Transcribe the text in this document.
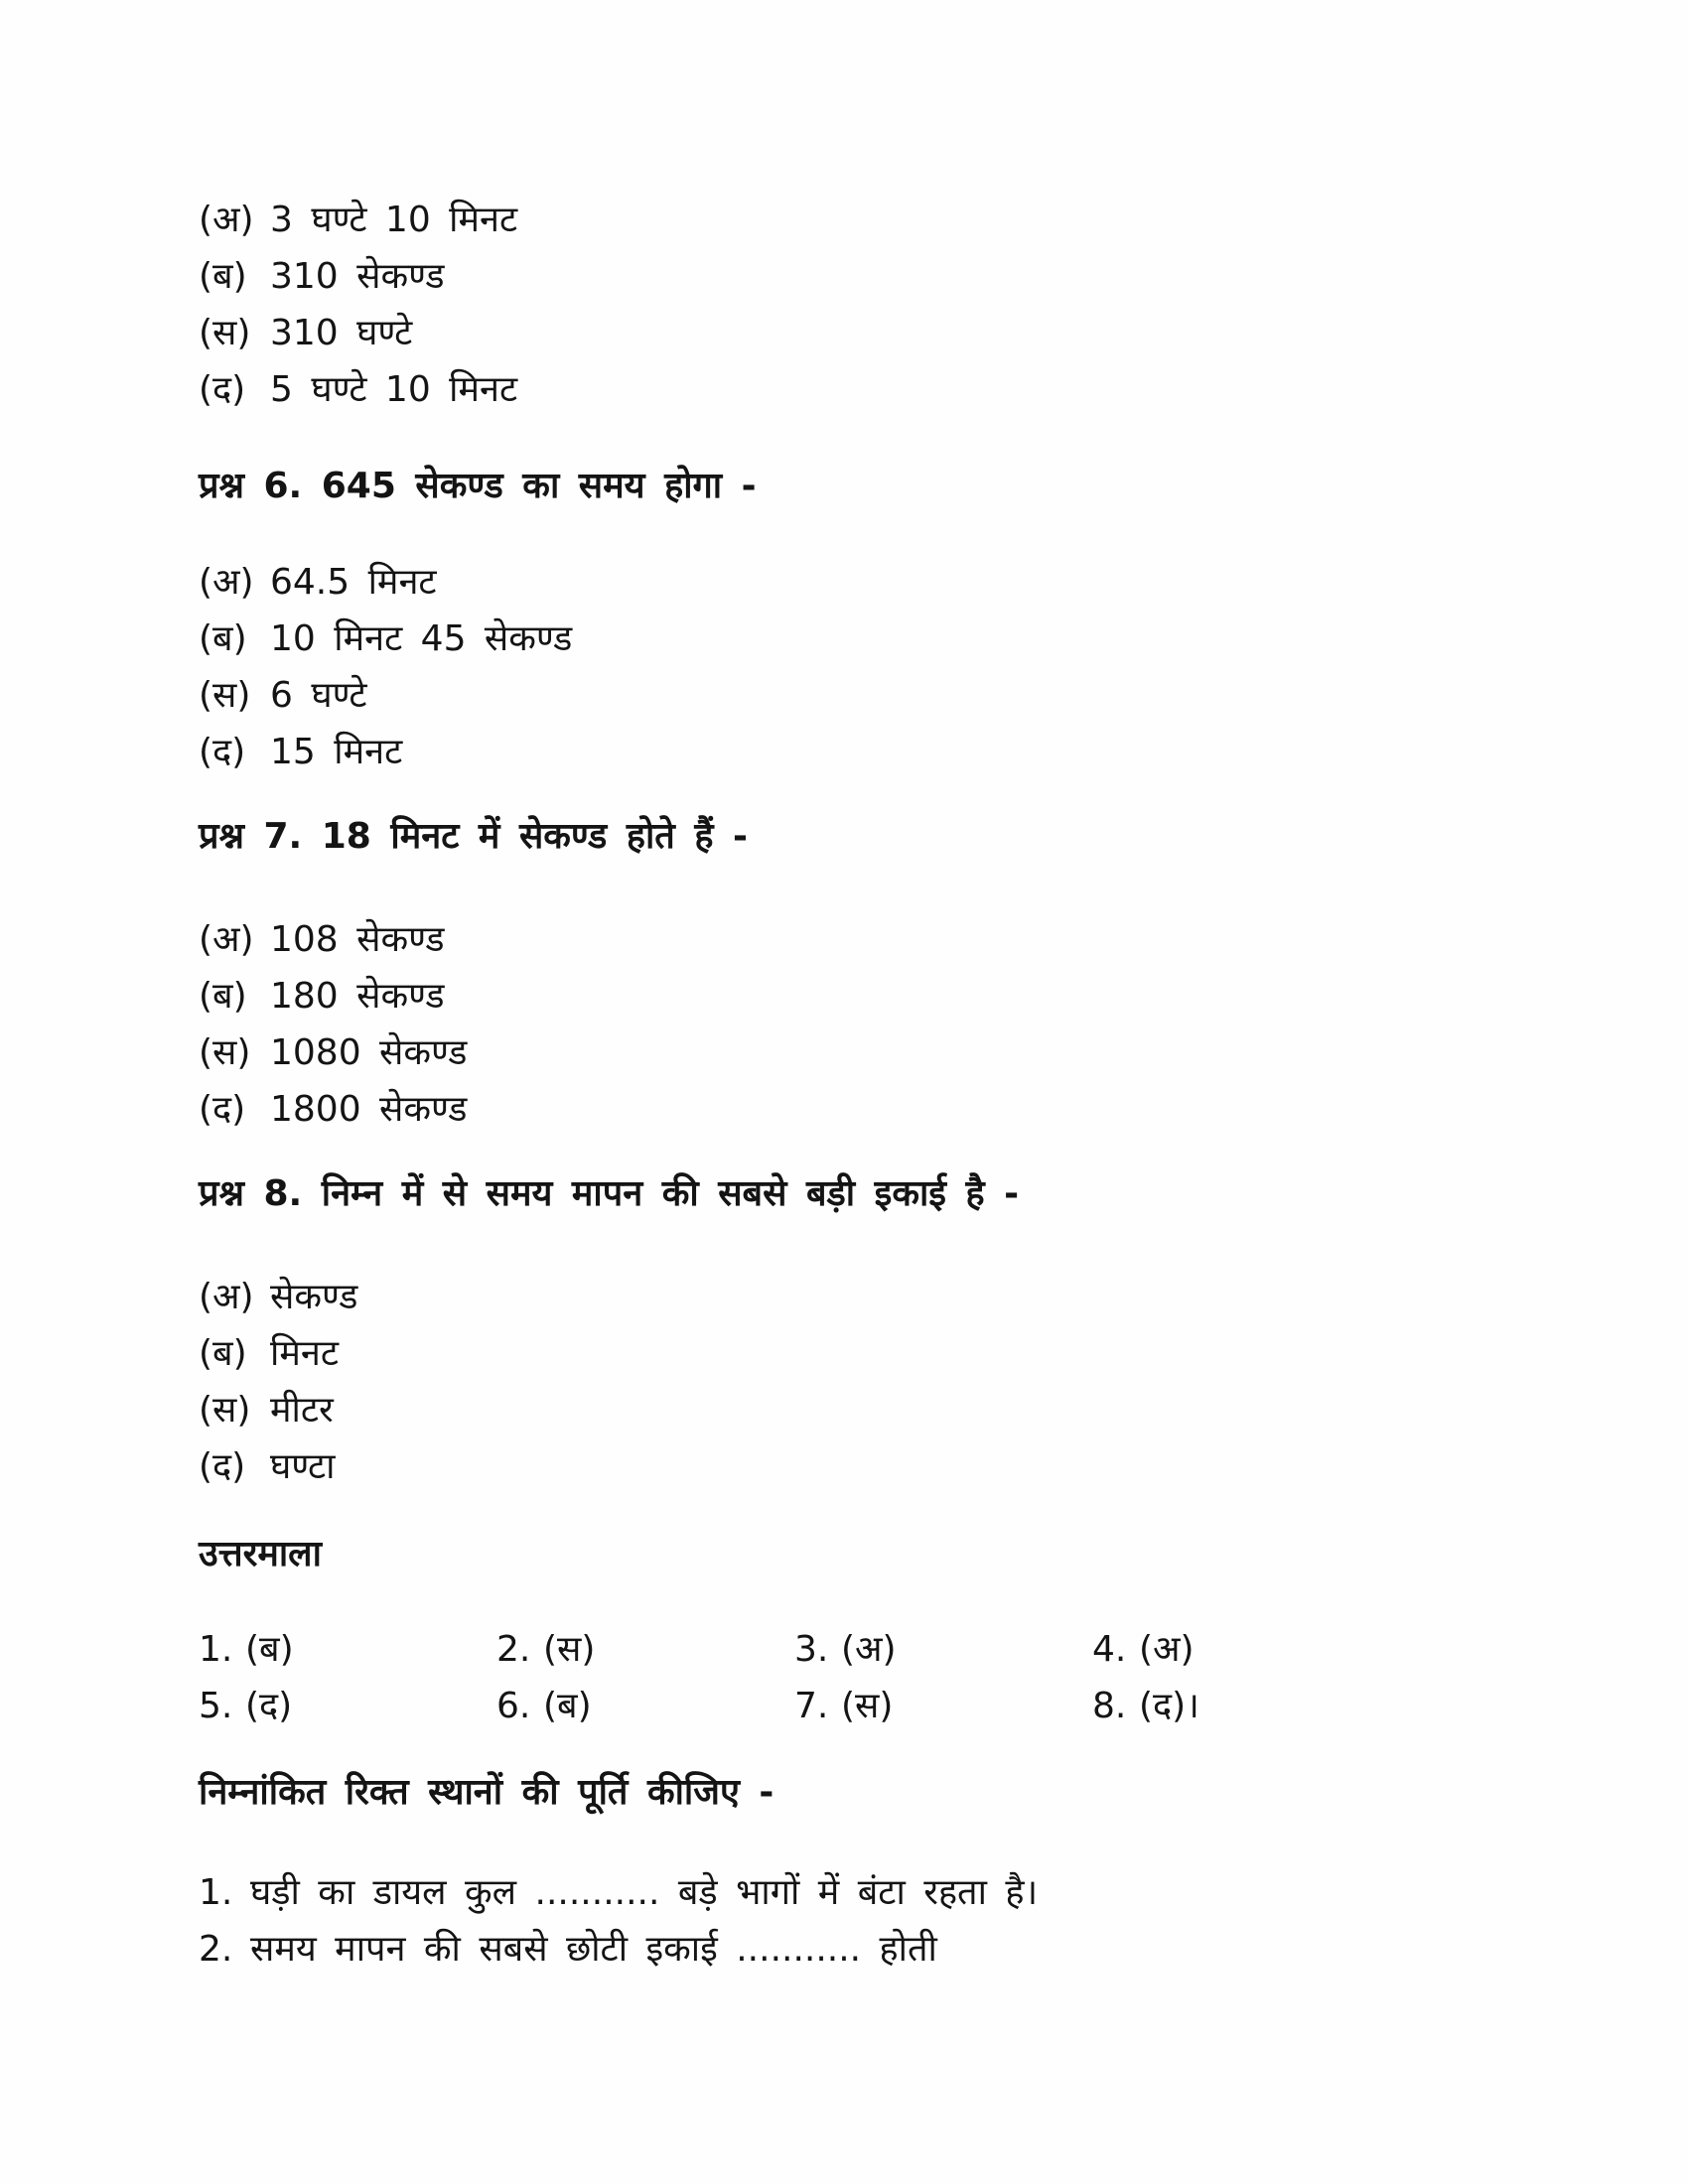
(अ) 3 घण्टे 10 मिनट
(ब) 310 सेकण्ड
(स) 310 घण्टे
(द) 5 घण्टे 10 मिनट
प्रश्न 6. 645 सेकण्ड का समय होगा -
(अ) 64.5 मिनट
(ब) 10 मिनट 45 सेकण्ड
(स) 6 घण्टे
(द) 15 मिनट
प्रश्न 7. 18 मिनट में सेकण्ड होते हैं -
(अ) 108 सेकण्ड
(ब) 180 सेकण्ड
(स) 1080 सेकण्ड
(द) 1800 सेकण्ड
प्रश्न 8. निम्न में से समय मापन की सबसे बड़ी इकाई है -
(अ) सेकण्ड
(ब) मिनट
(स) मीटर
(द) घण्टा
उत्तरमाला
1. (ब)	2. (स)	3. (अ)	4. (अ)
5. (द)	6. (ब)	7. (स)	8. (द)।
निम्नांकित रिक्त स्थानों की पूर्ति कीजिए -
1. घड़ी का डायल कुल ........... बड़े भागों में बंटा रहता है।
2. समय मापन की सबसे छोटी इकाई ........... होती
